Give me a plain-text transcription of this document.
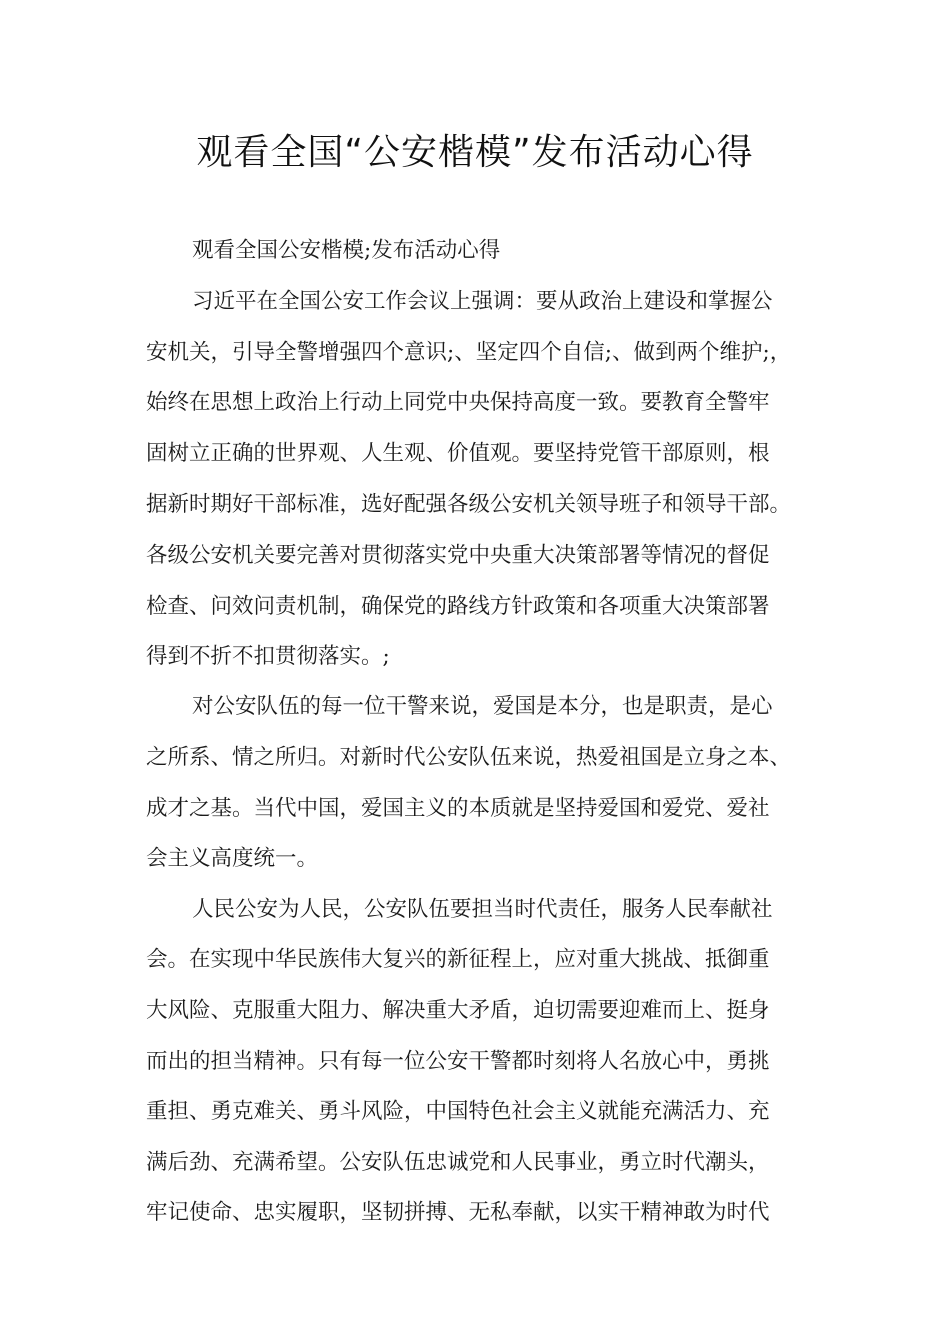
观看全国“公安楷模”发布活动心得

观看全国公安楷模;发布活动心得

习近平在全国公安工作会议上强调：要从政治上建设和掌握公

安机关，引导全警增强四个意识;、坚定四个自信;、做到两个维护;，

始终在思想上政治上行动上同党中央保持高度一致。要教育全警牢

固树立正确的世界观、人生观、价值观。要坚持党管干部原则，根

据新时期好干部标准，选好配强各级公安机关领导班子和领导干部。

各级公安机关要完善对贯彻落实党中央重大决策部署等情况的督促

检查、问效问责机制，确保党的路线方针政策和各项重大决策部署

得到不折不扣贯彻落实。;

对公安队伍的每一位干警来说，爱国是本分，也是职责，是心

之所系、情之所归。对新时代公安队伍来说，热爱祖国是立身之本、

成才之基。当代中国，爱国主义的本质就是坚持爱国和爱党、爱社

会主义高度统一。

人民公安为人民，公安队伍要担当时代责任，服务人民奉献社

会。在实现中华民族伟大复兴的新征程上，应对重大挑战、抵御重

大风险、克服重大阻力、解决重大矛盾，迫切需要迎难而上、挺身

而出的担当精神。只有每一位公安干警都时刻将人名放心中，勇挑

重担、勇克难关、勇斗风险，中国特色社会主义就能充满活力、充

满后劲、充满希望。公安队伍忠诚党和人民事业，勇立时代潮头，

牢记使命、忠实履职，坚韧拼搏、无私奉献，以实干精神敢为时代
